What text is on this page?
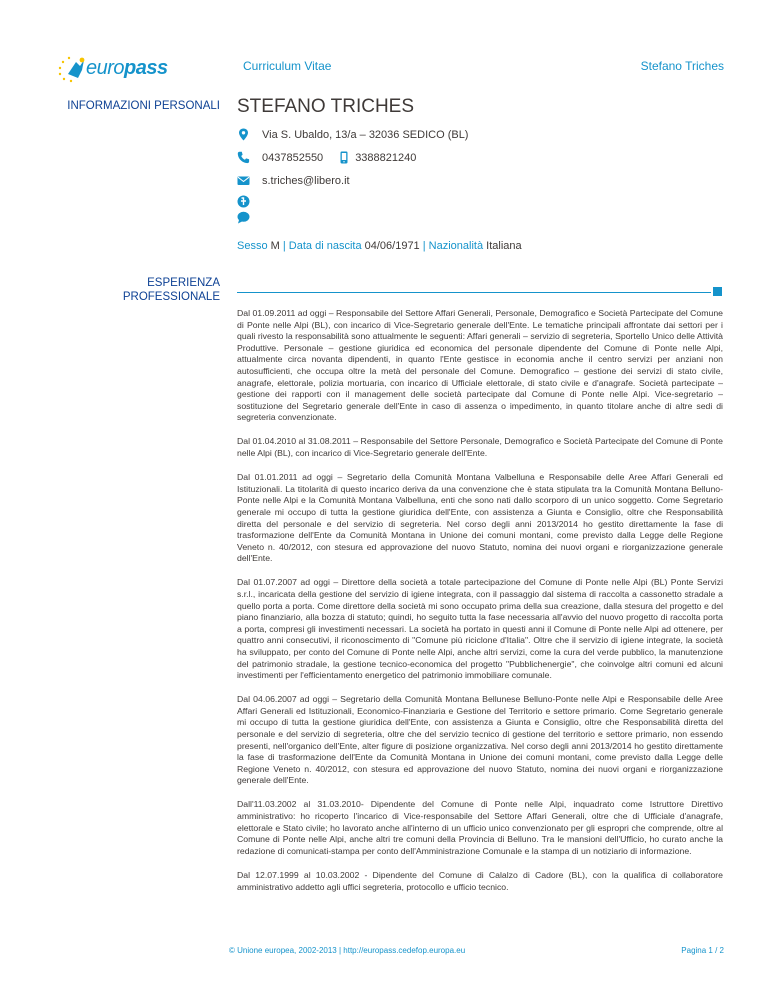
europass	Curriculum Vitae	Stefano Triches
INFORMAZIONI PERSONALI STEFANO TRICHES
Via S. Ubaldo, 13/a – 32036 SEDICO (BL)
0437852550	3388821240
s.triches@libero.it
Sesso M | Data di nascita 04/06/1971 | Nazionalità Italiana
ESPERIENZA
PROFESSIONALE

Dal 01.09.2011 ad oggi – Responsabile del Settore Affari Generali, Personale, Demografico e Società Partecipate del Comune di Ponte nelle Alpi (BL), con incarico di Vice-Segretario generale dell'Ente. Le tematiche principali affrontate dai settori per i quali rivesto la responsabilità sono attualmente le seguenti: Affari generali – servizio di segreteria, Sportello Unico delle Attività Produttive. Personale – gestione giuridica ed economica del personale dipendente del Comune di Ponte nelle Alpi, attualmente circa novanta dipendenti, in quanto l'Ente gestisce in economia anche il centro servizi per anziani non autosufficienti, che occupa oltre la metà del personale del Comune. Demografico – gestione dei servizi di stato civile, anagrafe, elettorale, polizia mortuaria, con incarico di Ufficiale elettorale, di stato civile e d'anagrafe. Società partecipate – gestione dei rapporti con il management delle società partecipate dal Comune di Ponte nelle Alpi. Vice-segretario – sostituzione del Segretario generale dell'Ente in caso di assenza o impedimento, in quanto titolare anche di altre sedi di segreteria convenzionate.

Dal 01.04.2010 al 31.08.2011 – Responsabile del Settore Personale, Demografico e Società Partecipate del Comune di Ponte nelle Alpi (BL), con incarico di Vice-Segretario generale dell'Ente.

Dal 01.01.2011 ad oggi – Segretario della Comunità Montana Valbelluna e Responsabile delle Aree Affari Generali ed Istituzionali. La titolarità di questo incarico deriva da una convenzione che è stata stipulata tra la Comunità Montana Belluno-Ponte nelle Alpi e la Comunità Montana Valbelluna, enti che sono nati dallo scorporo di un unico soggetto. Come Segretario generale mi occupo di tutta la gestione giuridica dell'Ente, con assistenza a Giunta e Consiglio, oltre che Responsabilità diretta del personale e del servizio di segreteria. Nel corso degli anni 2013/2014 ho gestito direttamente la fase di trasformazione dell'Ente da Comunità Montana in Unione dei comuni montani, come previsto dalla Legge delle Regione Veneto n. 40/2012, con stesura ed approvazione del nuovo Statuto, nomina dei nuovi organi e riorganizzazione generale dell'Ente.

Dal 01.07.2007 ad oggi – Direttore della società a totale partecipazione del Comune di Ponte nelle Alpi (BL) Ponte Servizi s.r.l., incaricata della gestione del servizio di igiene integrata, con il passaggio dal sistema di raccolta a cassonetto stradale a quello porta a porta. Come direttore della società mi sono occupato prima della sua creazione, dalla stesura del progetto e del piano finanziario, alla bozza di statuto; quindi, ho seguito tutta la fase necessaria all'avvio del nuovo progetto di raccolta porta a porta, compresi gli investimenti necessari. La società ha portato in questi anni il Comune di Ponte nelle Alpi ad ottenere, per quattro anni consecutivi, il riconoscimento di "Comune più riciclone d'Italia". Oltre che il servizio di igiene integrate, la società ha sviluppato, per conto del Comune di Ponte nelle Alpi, anche altri servizi, come la cura del verde pubblico, la manutenzione del patrimonio stradale, la gestione tecnico-economica del progetto "Pubblichenergie", che coinvolge altri comuni ed alcuni investimenti per l'efficientamento energetico del patrimonio immobiliare comunale.

Dal 04.06.2007 ad oggi – Segretario della Comunità Montana Bellunese Belluno-Ponte nelle Alpi e Responsabile delle Aree Affari Generali ed Istituzionali, Economico-Finanziaria e Gestione del Territorio e settore primario. Come Segretario generale mi occupo di tutta la gestione giuridica dell'Ente, con assistenza a Giunta e Consiglio, oltre che Responsabilità diretta del personale e del servizio di segreteria, oltre che del servizio tecnico di gestione del territorio e settore primario, non essendo presenti, nell'organico dell'Ente, alter figure di posizione organizzativa. Nel corso degli anni 2013/2014 ho gestito direttamente la fase di trasformazione dell'Ente da Comunità Montana in Unione dei comuni montani, come previsto dalla Legge delle Regione Veneto n. 40/2012, con stesura ed approvazione del nuovo Statuto, nomina dei nuovi organi e riorganizzazione generale dell'Ente.

Dall'11.03.2002 al 31.03.2010- Dipendente del Comune di Ponte nelle Alpi, inquadrato come Istruttore Direttivo amministrativo: ho ricoperto l'incarico di Vice-responsabile del Settore Affari Generali, oltre che di Ufficiale d'anagrafe, elettorale e Stato civile; ho lavorato anche all'interno di un ufficio unico convenzionato per gli espropri che comprende, oltre al Comune di Ponte nelle Alpi, anche altri tre comuni della Provincia di Belluno. Tra le mansioni dell'Ufficio, ho curato anche la redazione di comunicati-stampa per conto dell'Amministrazione Comunale e la stampa di un notiziario di informazione.

Dal 12.07.1999 al 10.03.2002 - Dipendente del Comune di Calalzo di Cadore (BL), con la qualifica di collaboratore amministrativo addetto agli uffici segreteria, protocollo e ufficio tecnico.

© Unione europea, 2002-2013 | http://europass.cedefop.europa.eu	Pagina 1 / 2
